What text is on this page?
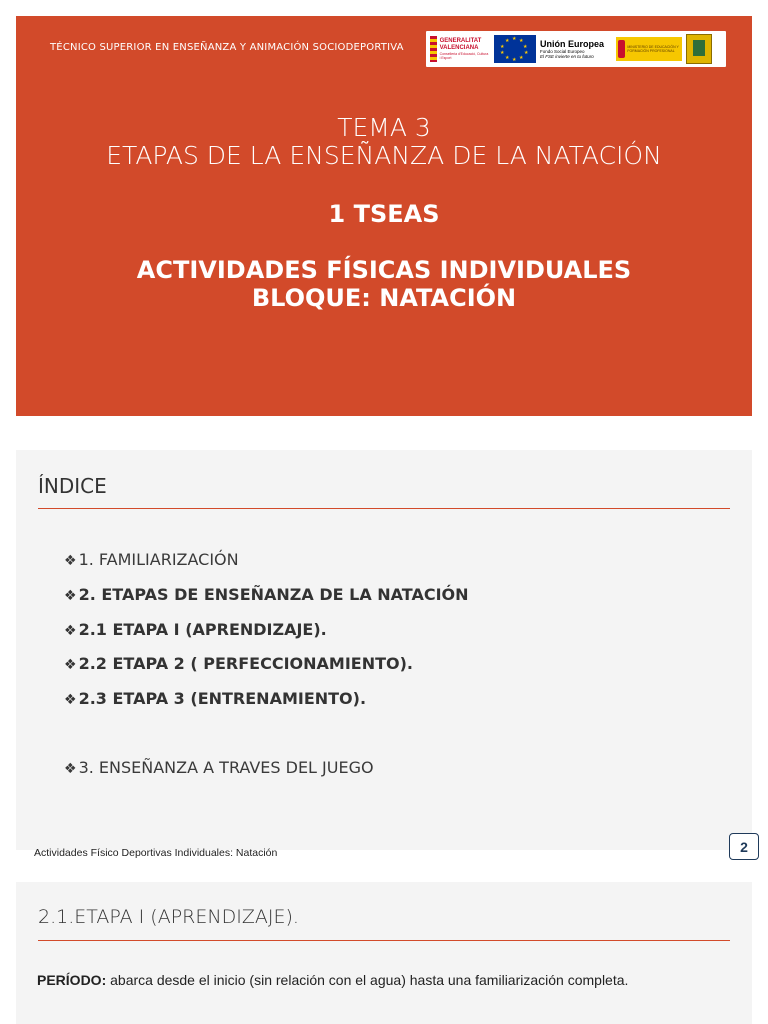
TÉCNICO SUPERIOR EN ENSEÑANZA Y ANIMACIÓN SOCIODEPORTIVA
GENERALITAT
VALENCIANA
Conselleria d'Educació, Cultura i Esport
★ ★
★
★
★
★
★
★
★
★	Unión Europea
Fondo Social Europeo
El FSE invierte en tu futuro
MINISTERIO DE EDUCACIÓN Y FORMACIÓN PROFESIONAL
TEMA 3
ETAPAS DE LA ENSEÑANZA DE LA NATACIÓN
1 TSEAS
ACTIVIDADES FÍSICAS INDIVIDUALES
BLOQUE: NATACIÓN
ÍNDICE
❖ 1. FAMILIARIZACIÓN
❖ 2. ETAPAS DE ENSEÑANZA DE LA NATACIÓN
❖ 2.1 ETAPA I (APRENDIZAJE).
❖ 2.2 ETAPA 2 ( PERFECCIONAMIENTO).
❖ 2.3 ETAPA 3 (ENTRENAMIENTO).
❖ 3. ENSEÑANZA A TRAVES DEL JUEGO
Actividades Físico Deportivas Individuales: Natación	2
2.1.ETAPA I (APRENDIZAJE).
PERÍODO: abarca desde el inicio (sin relación con el agua) hasta una familiarización completa.
